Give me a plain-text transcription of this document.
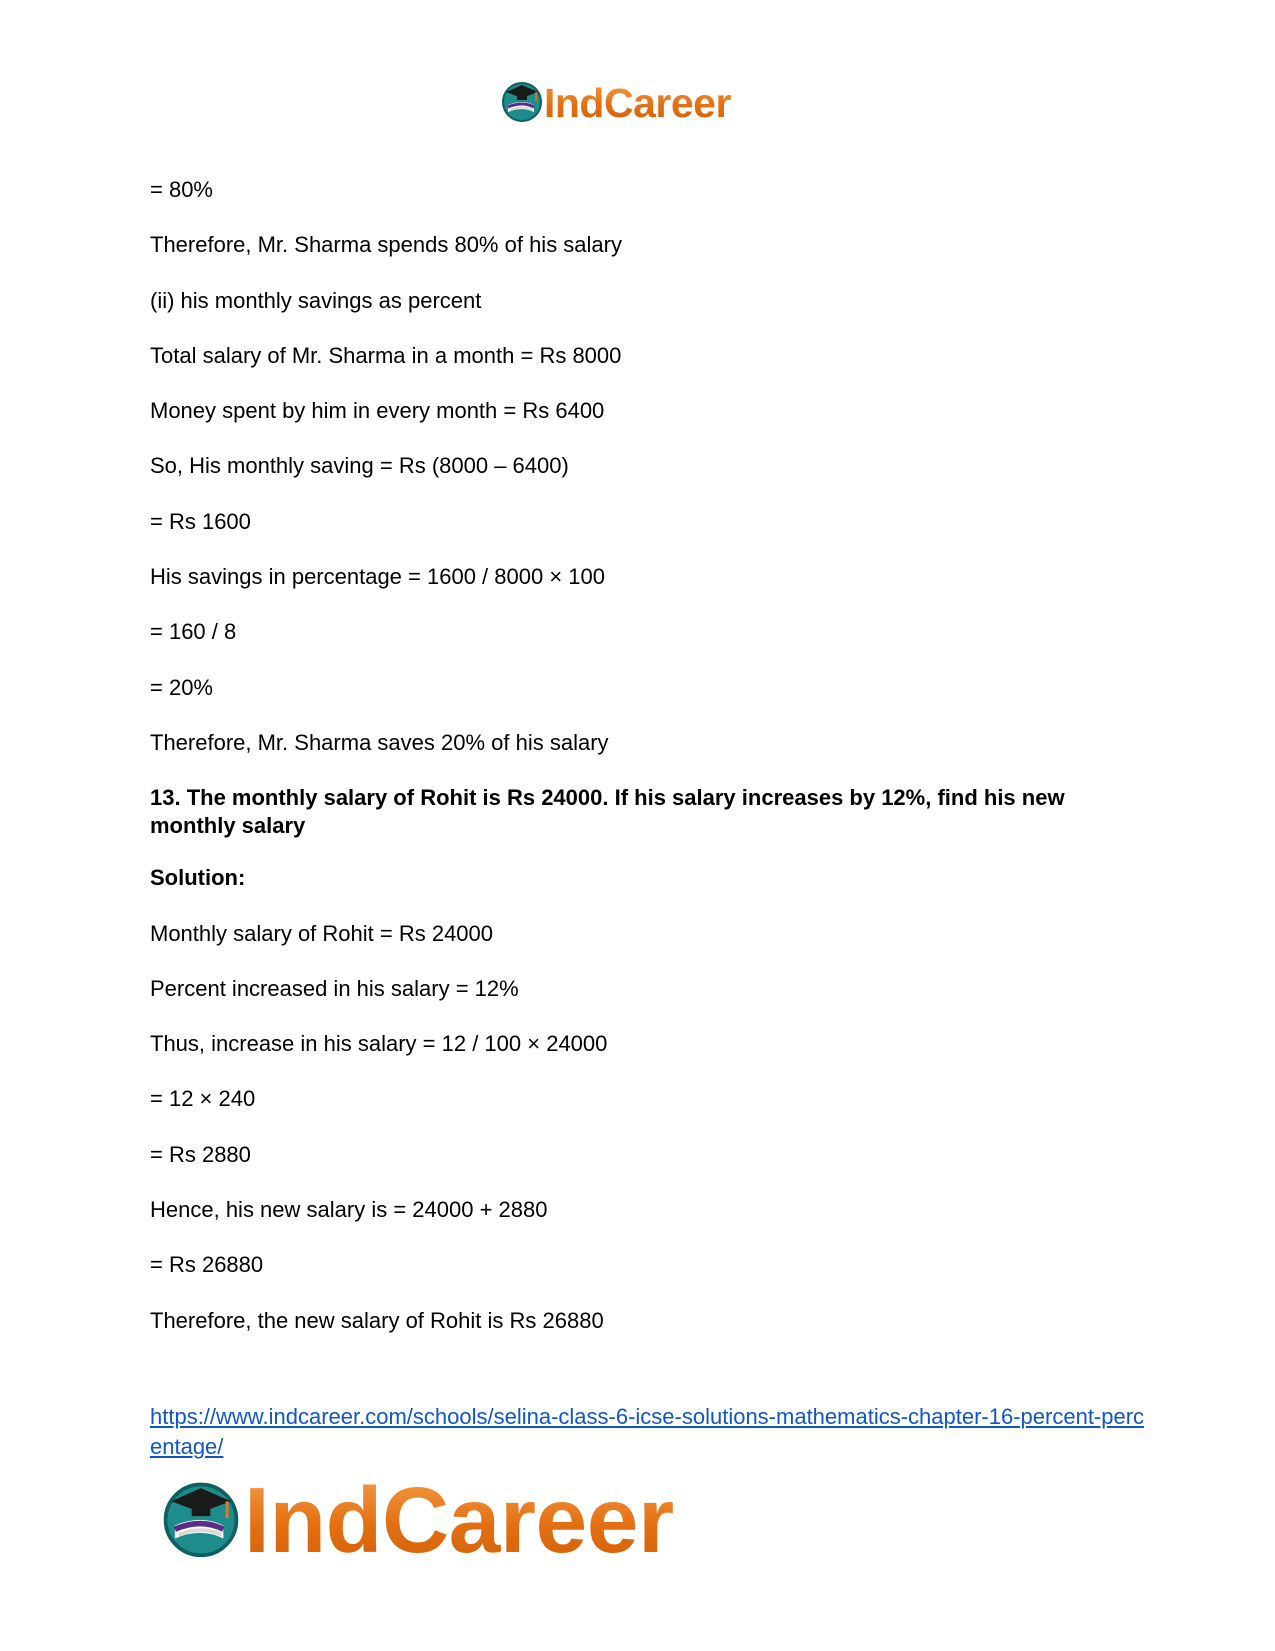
IndCareer
= 80%
Therefore, Mr. Sharma spends 80% of his salary
(ii) his monthly savings as percent
Total salary of Mr. Sharma in a month = Rs 8000
Money spent by him in every month = Rs 6400
So, His monthly saving = Rs (8000 – 6400)
= Rs 1600
His savings in percentage = 1600 / 8000 × 100
= 160 / 8
= 20%
Therefore, Mr. Sharma saves 20% of his salary
13. The monthly salary of Rohit is Rs 24000. If his salary increases by 12%, find his new monthly salary
Solution:
Monthly salary of Rohit = Rs 24000
Percent increased in his salary = 12%
Thus, increase in his salary = 12 / 100 × 24000
= 12 × 240
= Rs 2880
Hence, his new salary is = 24000 + 2880
= Rs 26880
Therefore, the new salary of Rohit is Rs 26880
https://www.indcareer.com/schools/selina-class-6-icse-solutions-mathematics-chapter-16-percent-percentage/
IndCareer
